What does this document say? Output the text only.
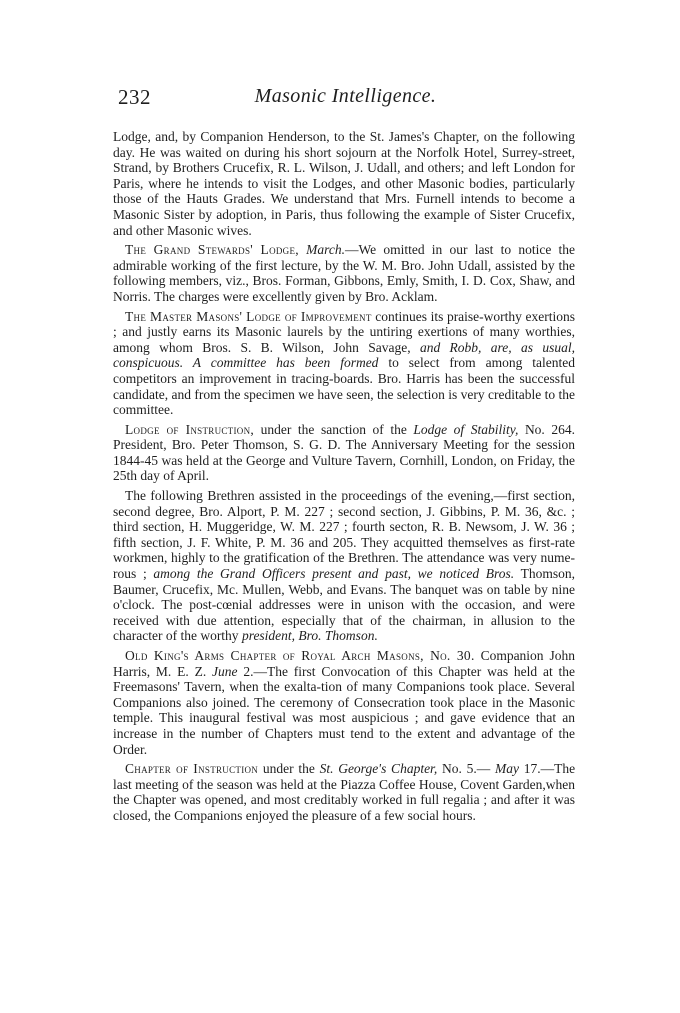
232	Masonic Intelligence.

Lodge, and, by Companion Henderson, to the St. James's Chapter, on the following day. He was waited on during his short sojourn at the Norfolk Hotel, Surrey-street, Strand, by Brothers Crucefix, R. L. Wilson, J. Udall, and others; and left London for Paris, where he intends to visit the Lodges, and other Masonic bodies, particularly those of the Hauts Grades. We understand that Mrs. Furnell intends to become a Masonic Sister by adoption, in Paris, thus following the example of Sister Crucefix, and other Masonic wives.

The Grand Stewards' Lodge, March.—We omitted in our last to notice the admirable working of the first lecture, by the W. M. Bro. John Udall, assisted by the following members, viz., Bros. Forman, Gibbons, Emly, Smith, I. D. Cox, Shaw, and Norris. The charges were excellently given by Bro. Acklam.

The Master Masons' Lodge of Improvement continues its praise-worthy exertions ; and justly earns its Masonic laurels by the untiring exertions of many worthies, among whom Bros. S. B. Wilson, John Savage, and Robb, are, as usual, conspicuous. A committee has been formed to select from among talented competitors an improvement in tracing-boards. Bro. Harris has been the successful candidate, and from the specimen we have seen, the selection is very creditable to the committee.

Lodge of Instruction, under the sanction of the Lodge of Stability, No. 264. President, Bro. Peter Thomson, S. G. D. The Anniversary Meeting for the session 1844-45 was held at the George and Vulture Tavern, Cornhill, London, on Friday, the 25th day of April.

The following Brethren assisted in the proceedings of the evening,—first section, second degree, Bro. Alport, P. M. 227 ; second section, J. Gibbins, P. M. 36, &c. ; third section, H. Muggeridge, W. M. 227 ; fourth secton, R. B. Newsom, J. W. 36 ; fifth section, J. F. White, P. M. 36 and 205. They acquitted themselves as first-rate workmen, highly to the gratification of the Brethren. The attendance was very nume-rous ; among the Grand Officers present and past, we noticed Bros. Thomson, Baumer, Crucefix, Mc. Mullen, Webb, and Evans. The banquet was on table by nine o'clock. The post-cœnial addresses were in unison with the occasion, and were received with due attention, especially that of the chairman, in allusion to the character of the worthy president, Bro. Thomson.

Old King's Arms Chapter of Royal Arch Masons, No. 30. Companion John Harris, M. E. Z. June 2.—The first Convocation of this Chapter was held at the Freemasons' Tavern, when the exalta-tion of many Companions took place. Several Companions also joined. The ceremony of Consecration took place in the Masonic temple. This inaugural festival was most auspicious ; and gave evidence that an increase in the number of Chapters must tend to the extent and advantage of the Order.

Chapter of Instruction under the St. George's Chapter, No. 5.— May 17.—The last meeting of the season was held at the Piazza Coffee House, Covent Garden,when the Chapter was opened, and most creditably worked in full regalia ; and after it was closed, the Companions enjoyed the pleasure of a few social hours.
